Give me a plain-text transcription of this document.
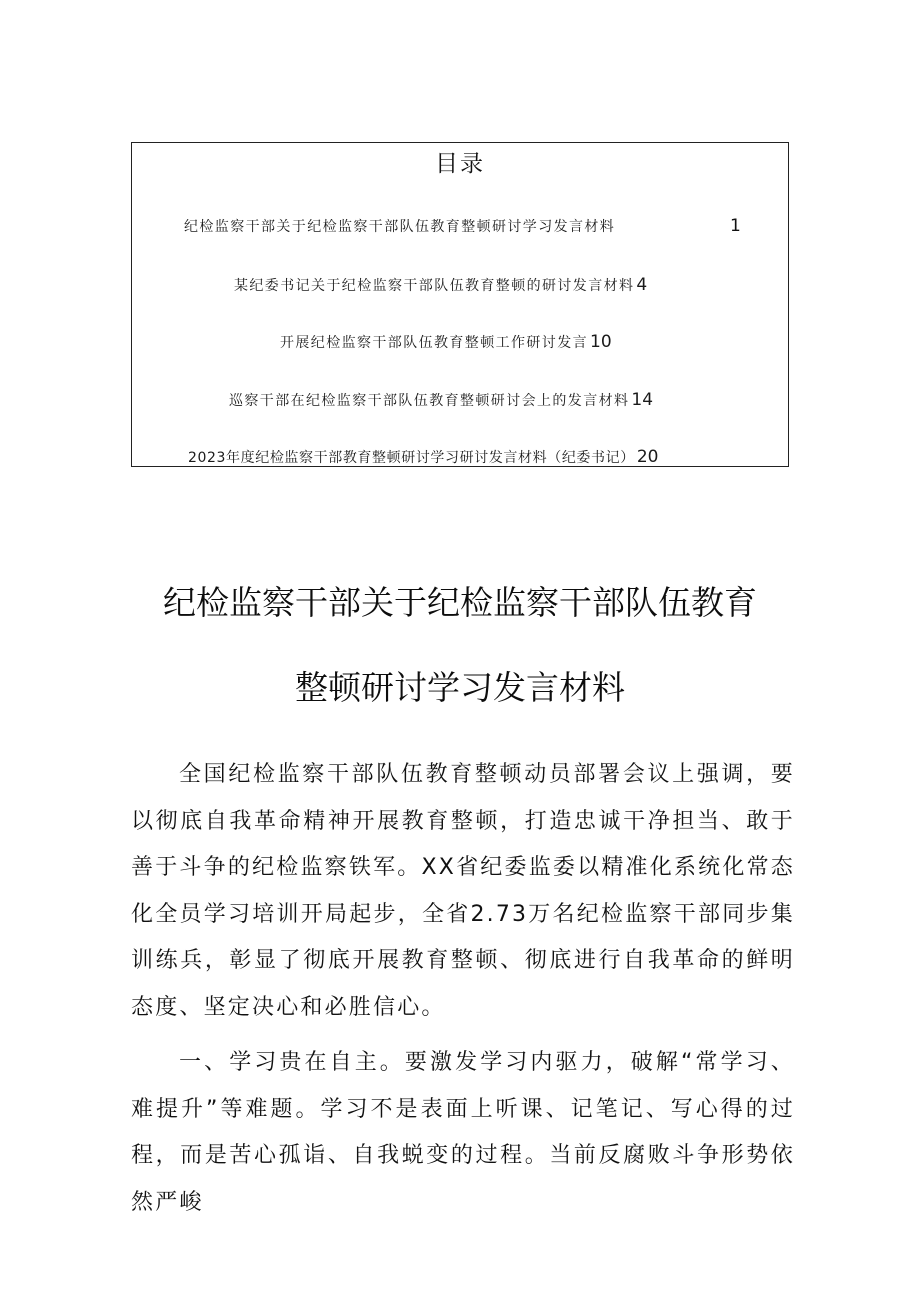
目录
纪检监察干部关于纪检监察干部队伍教育整顿研讨学习发言材料	1
某纪委书记关于纪检监察干部队伍教育整顿的研讨发言材料 4
开展纪检监察干部队伍教育整顿工作研讨发言 10
巡察干部在纪检监察干部队伍教育整顿研讨会上的发言材料 14
2023年度纪检监察干部教育整顿研讨学习研讨发言材料（纪委书记） 20
纪检监察干部关于纪检监察干部队伍教育
整顿研讨学习发言材料
全国纪检监察干部队伍教育整顿动员部署会议上强调，要以彻底自我革命精神开展教育整顿，打造忠诚干净担当、敢于善于斗争的纪检监察铁军。XX省纪委监委以精准化系统化常态化全员学习培训开局起步，全省2.73万名纪检监察干部同步集训练兵，彰显了彻底开展教育整顿、彻底进行自我革命的鲜明态度、坚定决心和必胜信心。
一、学习贵在自主。要激发学习内驱力，破解“常学习、难提升”等难题。学习不是表面上听课、记笔记、写心得的过程，而是苦心孤诣、自我蜕变的过程。当前反腐败斗争形势依然严峻
